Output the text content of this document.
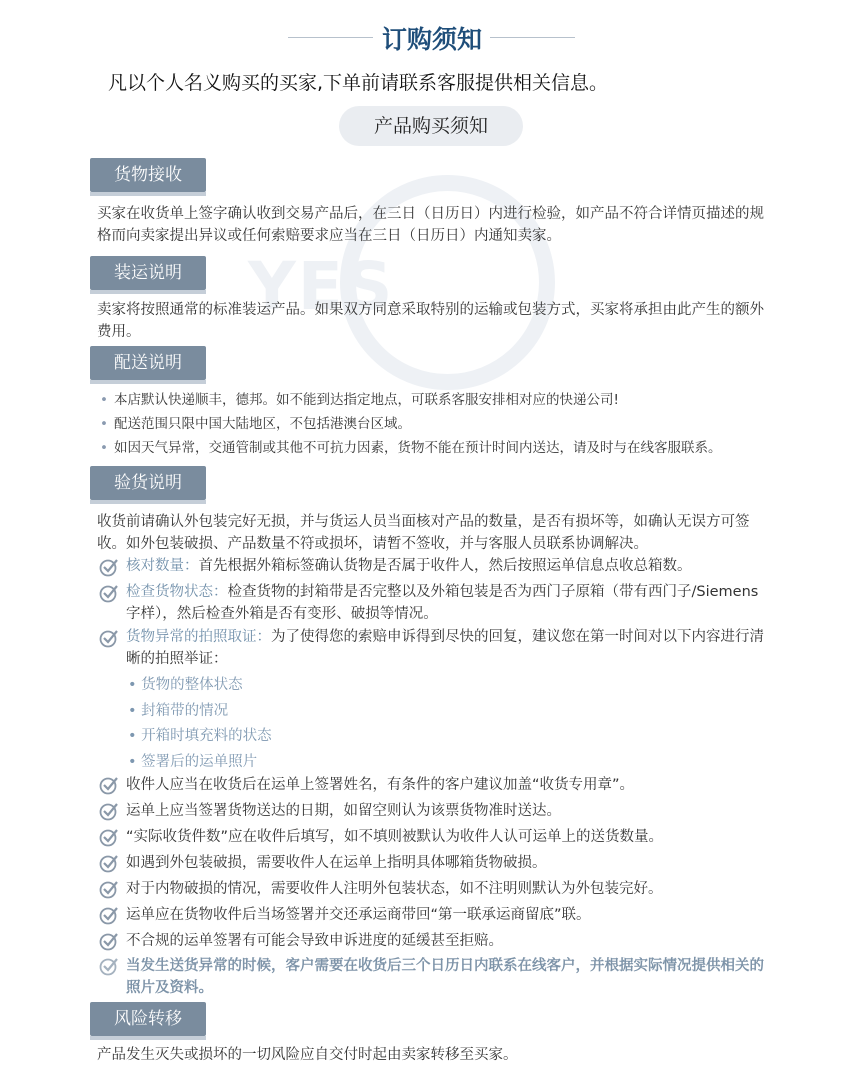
YES
订购须知
凡以个人名义购买的买家,下单前请联系客服提供相关信息。
产品购买须知
货物接收
买家在收货单上签字确认收到交易产品后，在三日（日历日）内进行检验，如产品不符合详情页描述的规格而向卖家提出异议或任何索赔要求应当在三日（日历日）内通知卖家。
装运说明
卖家将按照通常的标准装运产品。如果双方同意采取特别的运输或包装方式，买家将承担由此产生的额外费用。
配送说明
• 本店默认快递顺丰，德邦。如不能到达指定地点，可联系客服安排相对应的快递公司!
• 配送范围只限中国大陆地区，不包括港澳台区域。
• 如因天气异常，交通管制或其他不可抗力因素，货物不能在预计时间内送达，请及时与在线客服联系。
验货说明
收货前请确认外包装完好无损，并与货运人员当面核对产品的数量，是否有损坏等，如确认无误方可签收。如外包装破损、产品数量不符或损坏，请暂不签收，并与客服人员联系协调解决。
核对数量：首先根据外箱标签确认货物是否属于收件人，然后按照运单信息点收总箱数。
检查货物状态：检查货物的封箱带是否完整以及外箱包装是否为西门子原箱（带有西门子/Siemens字样），然后检查外箱是否有变形、破损等情况。
货物异常的拍照取证：为了使得您的索赔申诉得到尽快的回复，建议您在第一时间对以下内容进行清晰的拍照举证：
• 货物的整体状态
• 封箱带的情况
• 开箱时填充料的状态
• 签署后的运单照片
收件人应当在收货后在运单上签署姓名，有条件的客户建议加盖“收货专用章”。
运单上应当签署货物送达的日期，如留空则认为该票货物准时送达。
“实际收货件数”应在收件后填写，如不填则被默认为收件人认可运单上的送货数量。
如遇到外包装破损，需要收件人在运单上指明具体哪箱货物破损。
对于内物破损的情况，需要收件人注明外包装状态，如不注明则默认为外包装完好。
运单应在货物收件后当场签署并交还承运商带回“第一联承运商留底”联。
不合规的运单签署有可能会导致申诉进度的延缓甚至拒赔。
当发生送货异常的时候，客户需要在收货后三个日历日内联系在线客户，并根据实际情况提供相关的照片及资料。
风险转移
产品发生灭失或损坏的一切风险应自交付时起由卖家转移至买家。
